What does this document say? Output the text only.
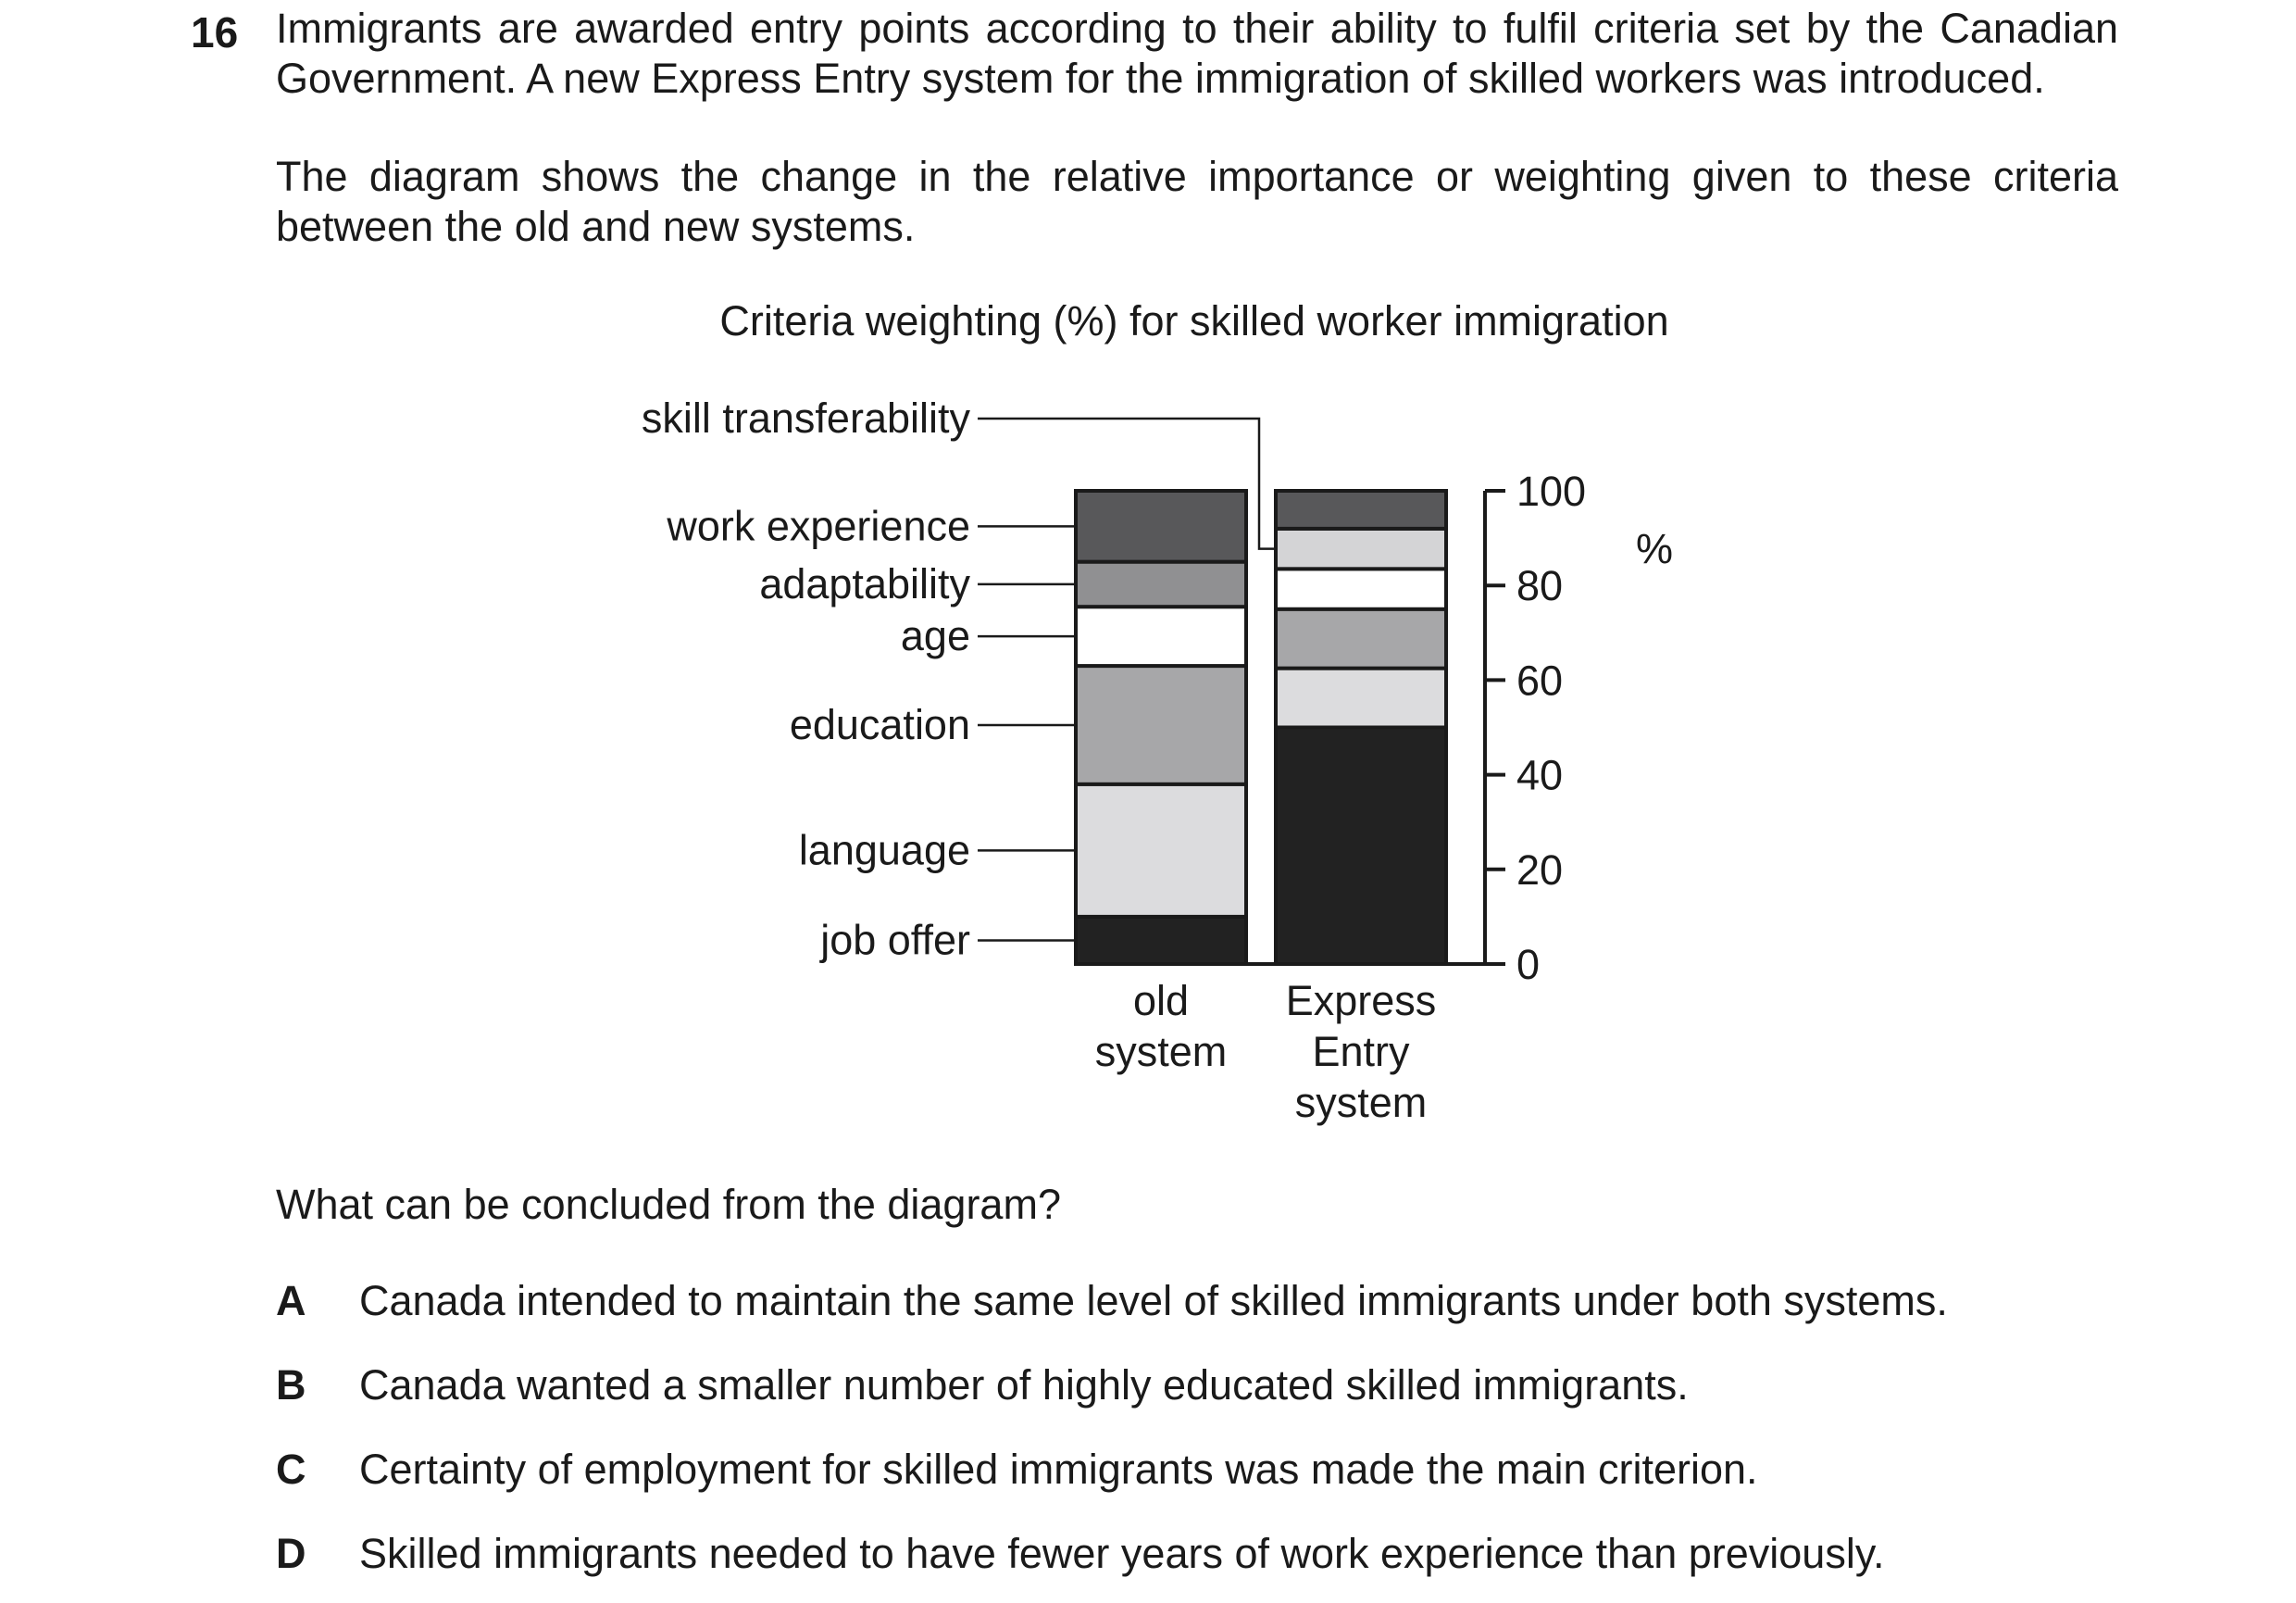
16 Immigrants are awarded entry points according to their ability to fulfil criteria set by the Canadian Government. A new Express Entry system for the immigration of skilled workers was introduced.

The diagram shows the change in the relative importance or weighting given to these criteria between the old and new systems.

Criteria weighting (%) for skilled worker immigration
%
job offer
language
education
age
adaptability
skill transferability
work experience
0
20
40
60
80
100
old
system
Express
Entry
system
What can be concluded from the diagram?
A Canada intended to maintain the same level of skilled immigrants under both systems.
B Canada wanted a smaller number of highly educated skilled immigrants.
C Certainty of employment for skilled immigrants was made the main criterion.
D Skilled immigrants needed to have fewer years of work experience than previously.
